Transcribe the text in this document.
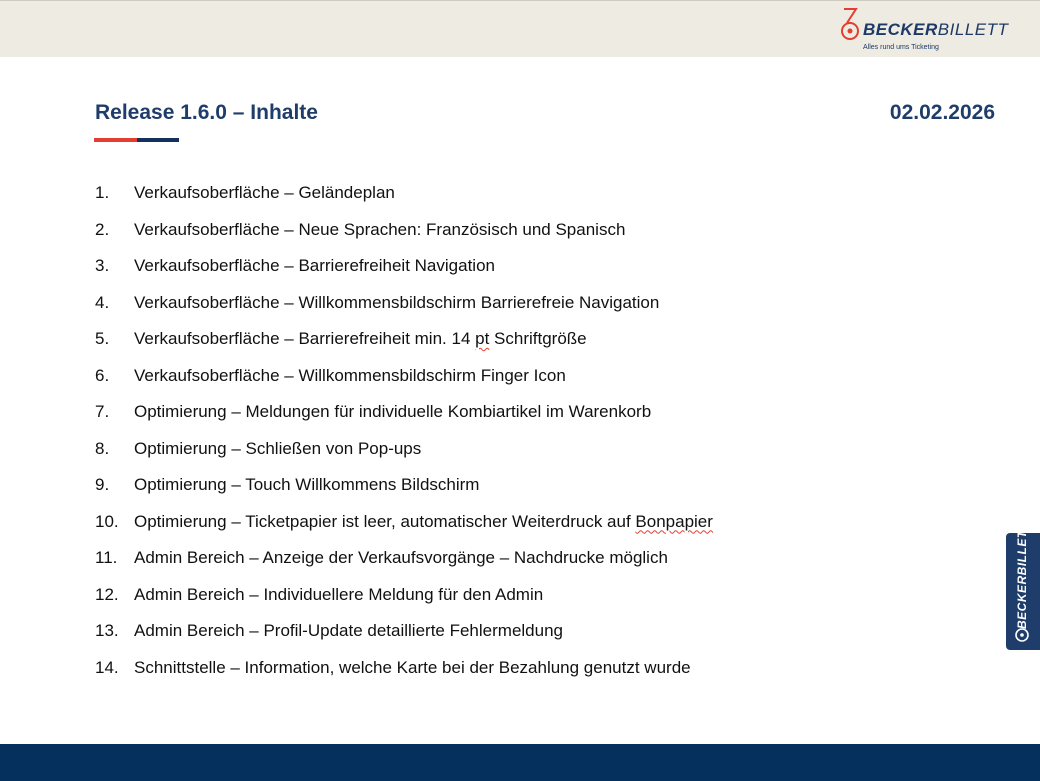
BECKERBILLETT
Alles rund ums Ticketing
Release 1.6.0 – Inhalte	02.02.2026
1. Verkaufsoberfläche – Geländeplan
2. Verkaufsoberfläche – Neue Sprachen: Französisch und Spanisch
3. Verkaufsoberfläche – Barrierefreiheit Navigation
4. Verkaufsoberfläche – Willkommensbildschirm Barrierefreie Navigation
5. Verkaufsoberfläche – Barrierefreiheit min. 14 pt Schriftgröße
6. Verkaufsoberfläche – Willkommensbildschirm Finger Icon
7. Optimierung – Meldungen für individuelle Kombiartikel im Warenkorb
8. Optimierung – Schließen von Pop-ups
9. Optimierung – Touch Willkommens Bildschirm
10. Optimierung – Ticketpapier ist leer, automatischer Weiterdruck auf Bonpapier
11. Admin Bereich – Anzeige der Verkaufsvorgänge – Nachdrucke möglich
12. Admin Bereich – Individuellere Meldung für den Admin
13. Admin Bereich – Profil-Update detaillierte Fehlermeldung
14. Schnittstelle – Information, welche Karte bei der Bezahlung genutzt wurde
BECKERBILLETT
